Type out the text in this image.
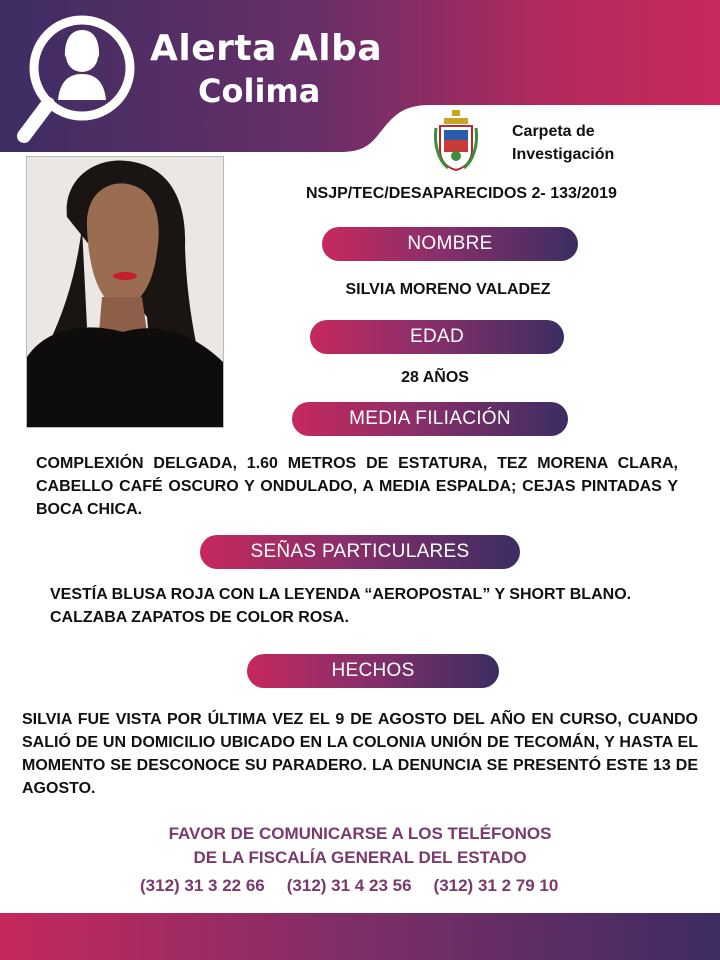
Alerta Alba
Colima
Carpeta de
Investigación
NSJP/TEC/DESAPARECIDOS 2- 133/2019
NOMBRE
SILVIA MORENO VALADEZ
EDAD
28 AÑOS
MEDIA FILIACIÓN
COMPLEXIÓN DELGADA, 1.60 METROS DE ESTATURA, TEZ MORENA CLARA, CABELLO CAFÉ OSCURO Y ONDULADO, A MEDIA ESPALDA; CEJAS PINTADAS Y BOCA CHICA.
SEÑAS PARTICULARES
VESTÍA BLUSA ROJA CON LA LEYENDA “AEROPOSTAL” Y SHORT BLANO. CALZABA ZAPATOS DE COLOR ROSA.
HECHOS
SILVIA FUE VISTA POR ÚLTIMA VEZ EL 9 DE AGOSTO DEL AÑO EN CURSO, CUANDO SALIÓ DE UN DOMICILIO UBICADO EN LA COLONIA UNIÓN DE TECOMÁN, Y HASTA EL MOMENTO SE DESCONOCE SU PARADERO. LA DENUNCIA SE PRESENTÓ ESTE 13 DE AGOSTO.
FAVOR DE COMUNICARSE A LOS TELÉFONOS
DE LA FISCALÍA GENERAL DEL ESTADO
(312) 31 3 22 66 (312) 31 4 23 56 (312) 31 2 79 10
